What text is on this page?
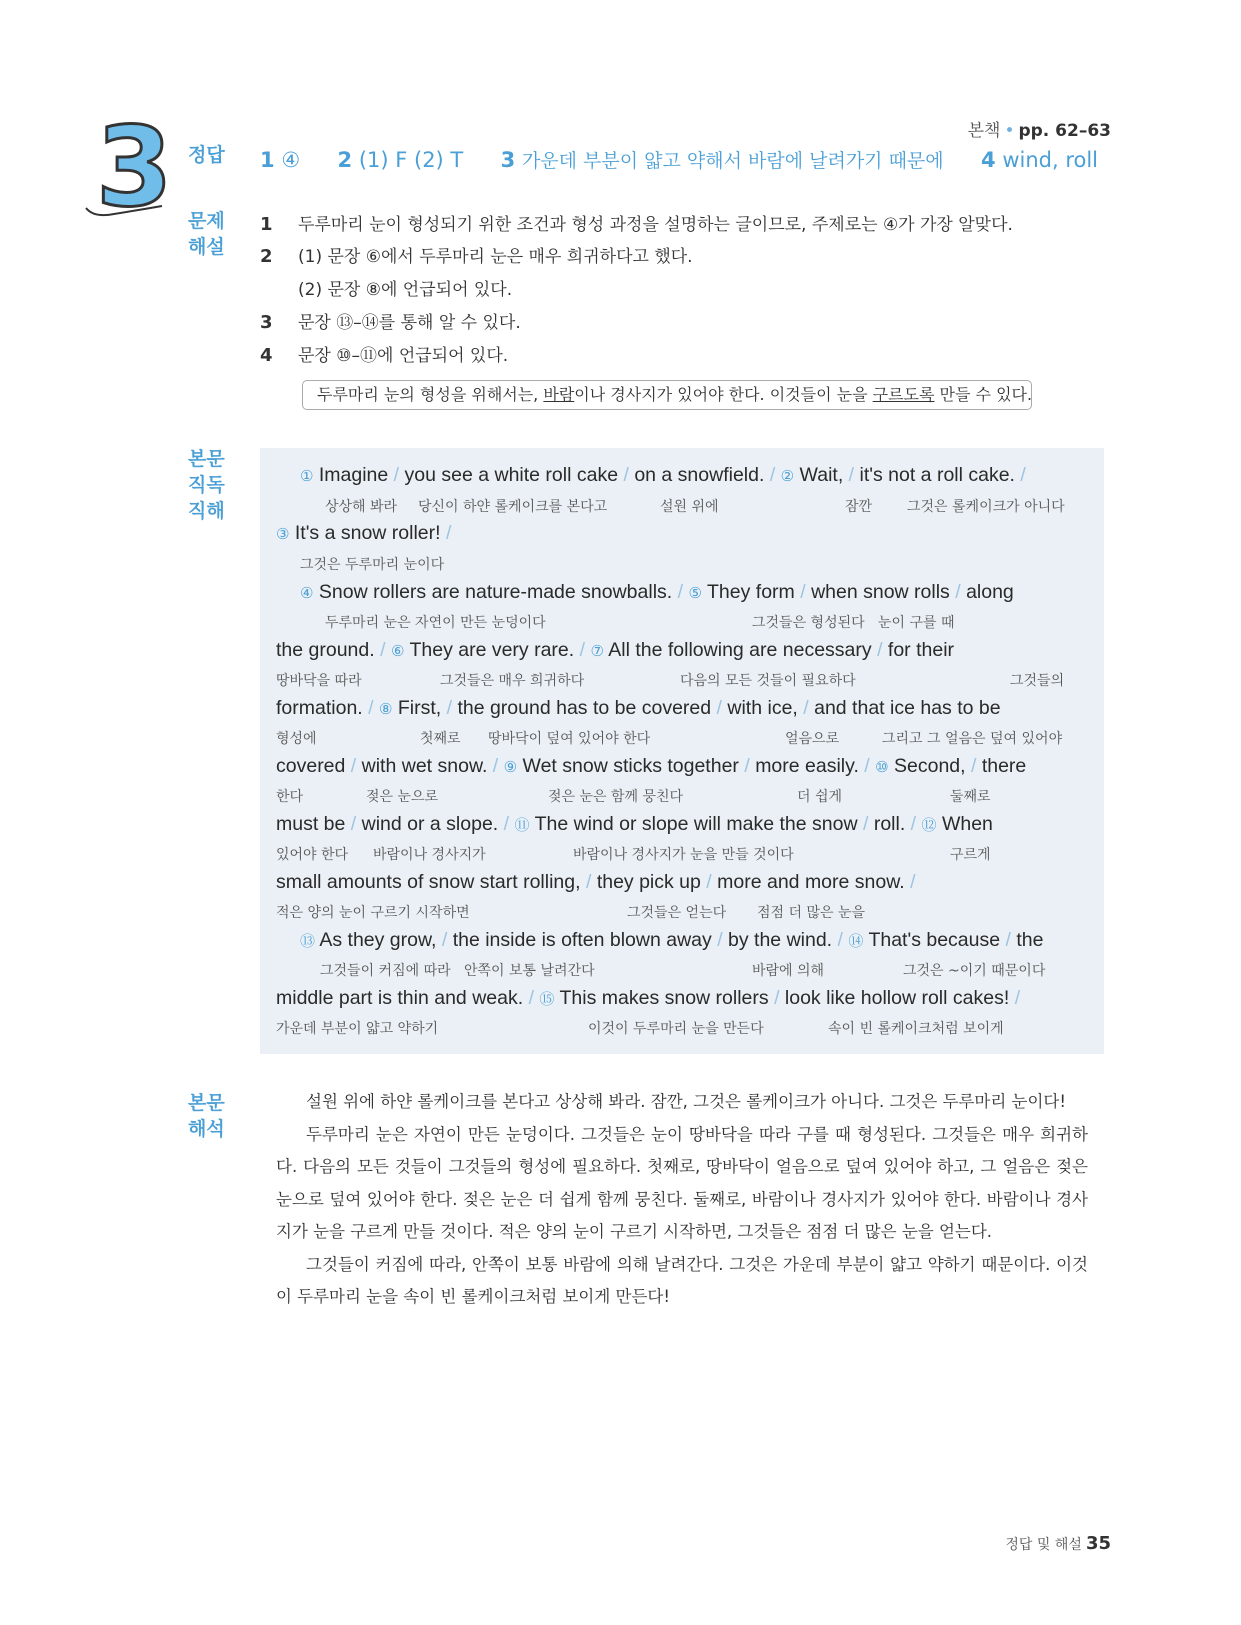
본책 • pp. 62–63
3 정답	1 ④ 2 (1) F (2) T 3 가운데 부분이 얇고 약해서 바람에 날려가기 때문에 4 wind, roll
문제
해설
1 두루마리 눈이 형성되기 위한 조건과 형성 과정을 설명하는 글이므로, 주제로는 ④가 가장 알맞다.
2 (1) 문장 ⑥에서 두루마리 눈은 매우 희귀하다고 했다.
(2) 문장 ⑧에 언급되어 있다.
3 문장 ⑬–⑭를 통해 알 수 있다.
4 문장 ⑩–⑪에 언급되어 있다.
두루마리 눈의 형성을 위해서는, 바람이나 경사지가 있어야 한다. 이것들이 눈을 구르도록 만들 수 있다.
본문
직독
직해
① Imagine / you see a white roll cake / on a snowfield. / ② Wait, / it's not a roll cake. /
상상해 봐라 당신이 하얀 롤케이크를 본다고	설원 위에	잠깐 그것은 롤케이크가 아니다
③ It's a snow roller! /
그것은 두루마리 눈이다
④ Snow rollers are nature-made snowballs. / ⑤ They form / when snow rolls / along
두루마리 눈은 자연이 만든 눈덩이다	그것들은 형성된다 눈이 구를 때
the ground. / ⑥ They are very rare. / ⑦ All the following are necessary / for their
땅바닥을 따라	그것들은 매우 희귀하다	다음의 모든 것들이 필요하다	그것들의
formation. / ⑧ First, / the ground has to be covered / with ice, / and that ice has to be
형성에	첫째로 땅바닥이 덮여 있어야 한다	얼음으로	그리고 그 얼음은 덮여 있어야
covered / with wet snow. / ⑨ Wet snow sticks together / more easily. / ⑩ Second, / there
한다	젖은 눈으로	젖은 눈은 함께 뭉친다	더 쉽게	둘째로
must be / wind or a slope. / ⑪ The wind or slope will make the snow / roll. / ⑫ When
있어야 한다 바람이나 경사지가	바람이나 경사지가 눈을 만들 것이다	구르게
small amounts of snow start rolling, / they pick up / more and more snow. /
적은 양의 눈이 구르기 시작하면	그것들은 얻는다 점점 더 많은 눈을
⑬ As they grow, / the inside is often blown away / by the wind. / ⑭ That's because / the
그것들이 커짐에 따라 안쪽이 보통 날려간다	바람에 의해	그것은 ~이기 때문이다
middle part is thin and weak. / ⑮ This makes snow rollers / look like hollow roll cakes! /
가운데 부분이 얇고 약하기	이것이 두루마리 눈을 만든다	속이 빈 롤케이크처럼 보이게
본문
해석

설원 위에 하얀 롤케이크를 본다고 상상해 봐라. 잠깐, 그것은 롤케이크가 아니다. 그것은 두루마리 눈이다!

두루마리 눈은 자연이 만든 눈덩이다. 그것들은 눈이 땅바닥을 따라 구를 때 형성된다. 그것들은 매우 희귀하다. 다음의 모든 것들이 그것들의 형성에 필요하다. 첫째로, 땅바닥이 얼음으로 덮여 있어야 하고, 그 얼음은 젖은 눈으로 덮여 있어야 한다. 젖은 눈은 더 쉽게 함께 뭉친다. 둘째로, 바람이나 경사지가 있어야 한다. 바람이나 경사지가 눈을 구르게 만들 것이다. 적은 양의 눈이 구르기 시작하면, 그것들은 점점 더 많은 눈을 얻는다.

그것들이 커짐에 따라, 안쪽이 보통 바람에 의해 날려간다. 그것은 가운데 부분이 얇고 약하기 때문이다. 이것이 두루마리 눈을 속이 빈 롤케이크처럼 보이게 만든다!

정답 및 해설 35
